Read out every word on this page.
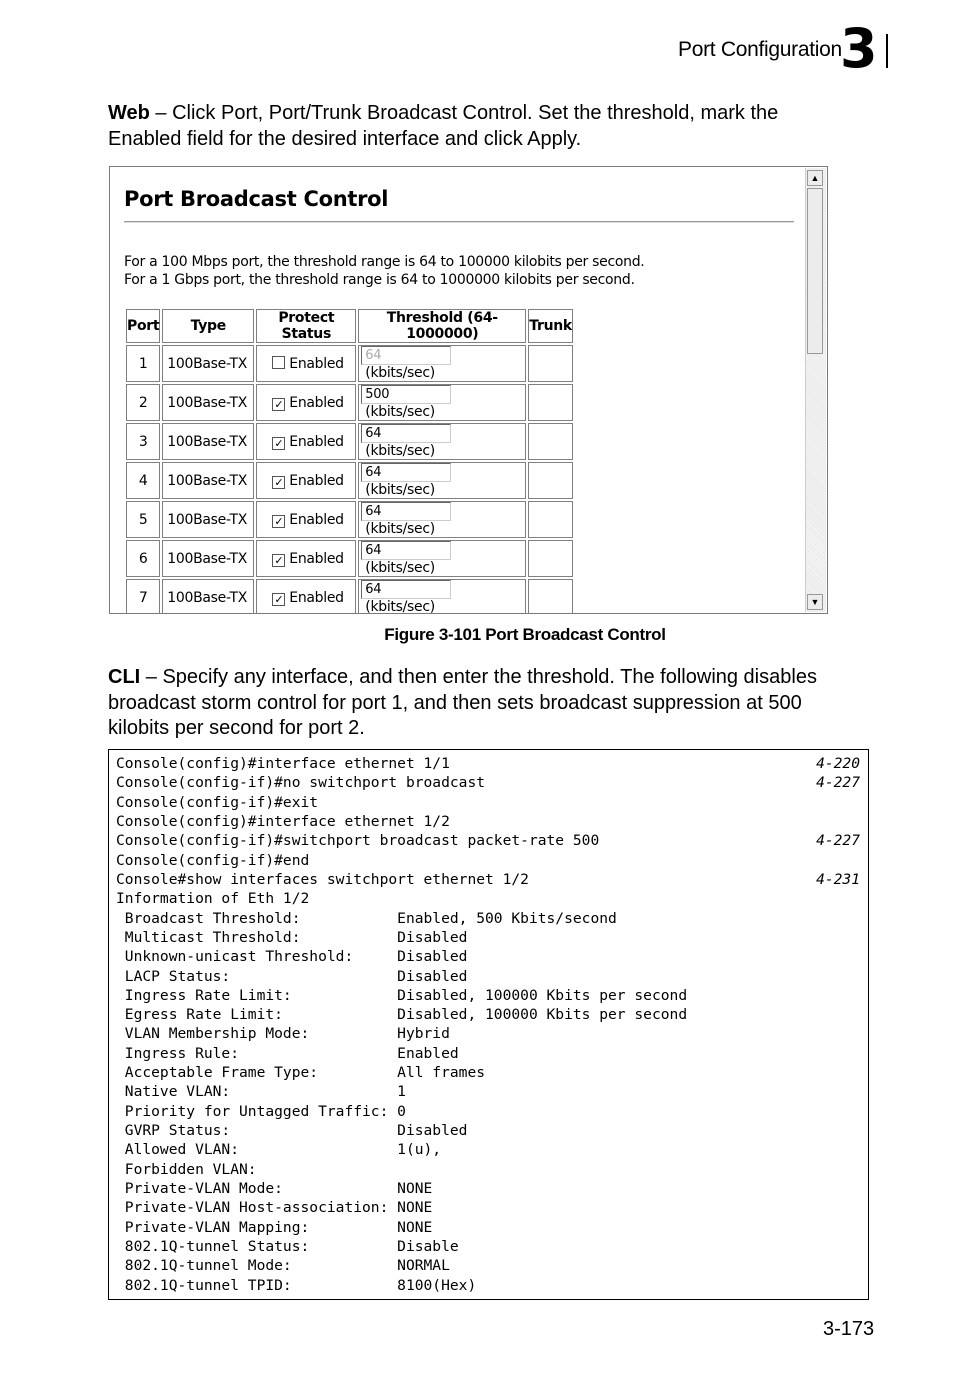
Port Configuration
3
Web – Click Port, Port/Trunk Broadcast Control. Set the threshold, mark the Enabled field for the desired interface and click Apply.
Port Broadcast Control
For a 100 Mbps port, the threshold range is 64 to 100000 kilobits per second.
For a 1 Gbps port, the threshold range is 64 to 1000000 kilobits per second.
Port	Type	Protect Status	Threshold (64-1000000)	Trunk
1	100Base-TX	Enabled	64(kbits/sec)	
2	100Base-TX	✓ Enabled	500(kbits/sec)	
3	100Base-TX	✓ Enabled	64(kbits/sec)	
4	100Base-TX	✓ Enabled	64(kbits/sec)	
5	100Base-TX	✓ Enabled	64(kbits/sec)	
6	100Base-TX	✓ Enabled	64(kbits/sec)	
7	100Base-TX	✓ Enabled	64(kbits/sec)	

▲
▼
Figure 3-101 Port Broadcast Control
CLI – Specify any interface, and then enter the threshold. The following disables broadcast storm control for port 1, and then sets broadcast suppression at 500 kilobits per second for port 2.
Console(config)#interface ethernet 1/1	4-220
Console(config-if)#no switchport broadcast	4-227
Console(config-if)#exit
Console(config)#interface ethernet 1/2
Console(config-if)#switchport broadcast packet-rate 500	4-227
Console(config-if)#end
Console#show interfaces switchport ethernet 1/2	4-231
Information of Eth 1/2
Broadcast Threshold:           Enabled, 500 Kbits/second
Multicast Threshold:           Disabled
Unknown-unicast Threshold:     Disabled
LACP Status:                   Disabled
Ingress Rate Limit:            Disabled, 100000 Kbits per second
Egress Rate Limit:             Disabled, 100000 Kbits per second
VLAN Membership Mode:          Hybrid
Ingress Rule:                  Enabled
Acceptable Frame Type:         All frames
Native VLAN:                   1
Priority for Untagged Traffic: 0
GVRP Status:                   Disabled
Allowed VLAN:                  1(u),
Forbidden VLAN:
Private-VLAN Mode:             NONE
Private-VLAN Host-association: NONE
Private-VLAN Mapping:          NONE
802.1Q-tunnel Status:          Disable
802.1Q-tunnel Mode:            NORMAL
802.1Q-tunnel TPID:            8100(Hex)
3-173
